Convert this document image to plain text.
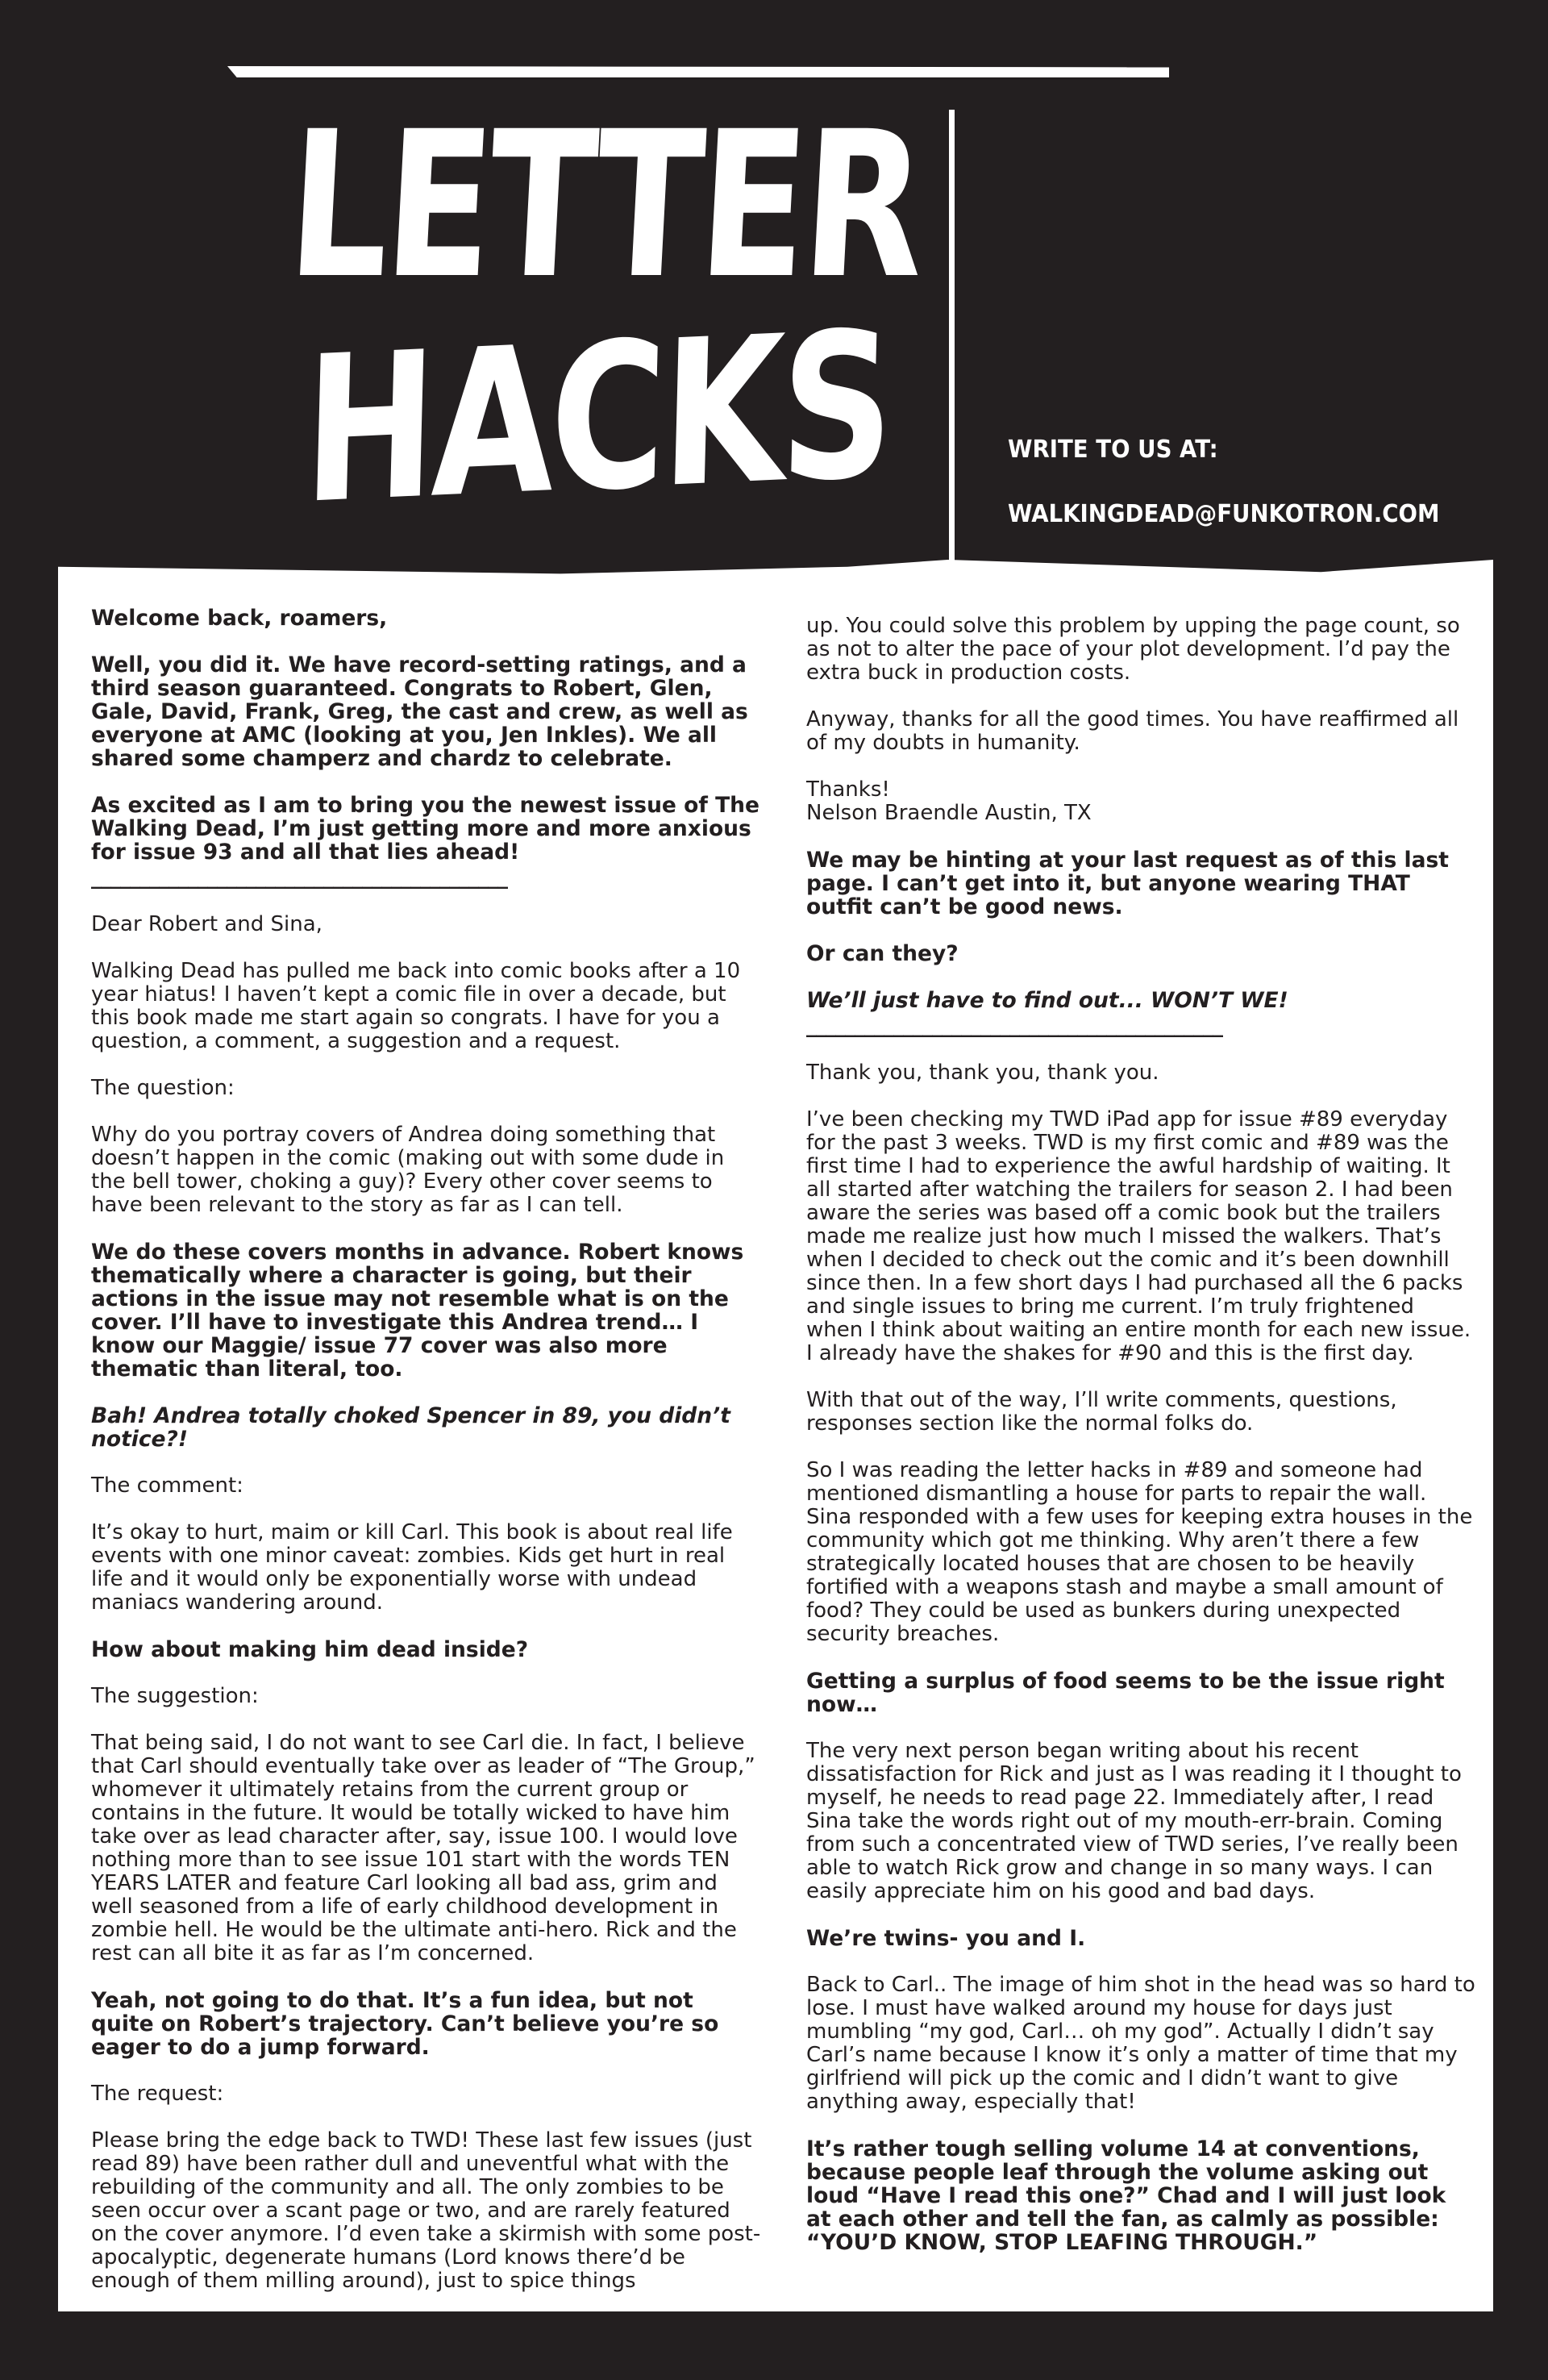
LETTER
HACKS	WRITE TO US AT:
WALKINGDEAD@FUNKOTRON.COM

Welcome back, roamers,

Well, you did it. We have record-setting ratings, and a third season guaranteed. Congrats to Robert, Glen, Gale, David, Frank, Greg, the cast and crew, as well as everyone at AMC (looking at you, Jen Inkles). We all shared some champerz and chardz to celebrate.

As excited as I am to bring you the newest issue of The Walking Dead, I’m just getting more and more anxious for issue 93 and all that lies ahead!

___________________________________________

Dear Robert and Sina,

Walking Dead has pulled me back into comic books after a 10 year hiatus! I haven’t kept a comic file in over a decade, but this book made me start again so congrats. I have for you a question, a comment, a suggestion and a request.

The question:

Why do you portray covers of Andrea doing something that doesn’t happen in the comic (making out with some dude in the bell tower, choking a guy)? Every other cover seems to have been relevant to the story as far as I can tell.

We do these covers months in advance. Robert knows thematically where a character is going, but their actions in the issue may not resemble what is on the cover. I’ll have to investigate this Andrea trend… I know our Maggie/ issue 77 cover was also more thematic than literal, too.

Bah! Andrea totally choked Spencer in 89, you didn’t notice?!

The comment:

It’s okay to hurt, maim or kill Carl. This book is about real life events with one minor caveat: zombies. Kids get hurt in real life and it would only be exponentially worse with undead maniacs wandering around.

How about making him dead inside?

The suggestion:

That being said, I do not want to see Carl die. In fact, I believe that Carl should eventually take over as leader of “The Group,” whomever it ultimately retains from the current group or contains in the future. It would be totally wicked to have him take over as lead character after, say, issue 100. I would love nothing more than to see issue 101 start with the words TEN YEARS LATER and feature Carl looking all bad ass, grim and well seasoned from a life of early childhood development in zombie hell. He would be the ultimate anti-hero. Rick and the rest can all bite it as far as I’m concerned.

Yeah, not going to do that. It’s a fun idea, but not quite on Robert’s trajectory. Can’t believe you’re so eager to do a jump forward.

The request:

Please bring the edge back to TWD! These last few issues (just read 89) have been rather dull and uneventful what with the rebuilding of the community and all. The only zombies to be seen occur over a scant page or two, and are rarely featured on the cover anymore. I’d even take a skirmish with some post-apocalyptic, degenerate humans (Lord knows there’d be enough of them milling around), just to spice things

up. You could solve this problem by upping the page count, so as not to alter the pace of your plot development. I’d pay the extra buck in production costs.

Anyway, thanks for all the good times. You have reaffirmed all of my doubts in humanity.

Thanks!
Nelson Braendle Austin, TX

We may be hinting at your last request as of this last page. I can’t get into it, but anyone wearing THAT outfit can’t be good news.

Or can they?

We’ll just have to find out... WON’T WE!

___________________________________________

Thank you, thank you, thank you.

I’ve been checking my TWD iPad app for issue #89 everyday for the past 3 weeks. TWD is my first comic and #89 was the first time I had to experience the awful hardship of waiting. It all started after watching the trailers for season 2. I had been aware the series was based off a comic book but the trailers made me realize just how much I missed the walkers. That’s when I decided to check out the comic and it’s been downhill since then. In a few short days I had purchased all the 6 packs and single issues to bring me current. I’m truly frightened when I think about waiting an entire month for each new issue. I already have the shakes for #90 and this is the first day.

With that out of the way, I’ll write comments, questions, responses section like the normal folks do.

So I was reading the letter hacks in #89 and someone had mentioned dismantling a house for parts to repair the wall. Sina responded with a few uses for keeping extra houses in the community which got me thinking. Why aren’t there a few strategically located houses that are chosen to be heavily fortified with a weapons stash and maybe a small amount of food? They could be used as bunkers during unexpected security breaches.

Getting a surplus of food seems to be the issue right now…

The very next person began writing about his recent dissatisfaction for Rick and just as I was reading it I thought to myself, he needs to read page 22. Immediately after, I read Sina take the words right out of my mouth-err-brain. Coming from such a concentrated view of TWD series, I’ve really been able to watch Rick grow and change in so many ways. I can easily appreciate him on his good and bad days.

We’re twins- you and I.

Back to Carl.. The image of him shot in the head was so hard to lose. I must have walked around my house for days just mumbling “my god, Carl… oh my god”. Actually I didn’t say Carl’s name because I know it’s only a matter of time that my girlfriend will pick up the comic and I didn’t want to give anything away, especially that!

It’s rather tough selling volume 14 at conventions, because people leaf through the volume asking out loud “Have I read this one?” Chad and I will just look at each other and tell the fan, as calmly as possible: “YOU’D KNOW, STOP LEAFING THROUGH.”
